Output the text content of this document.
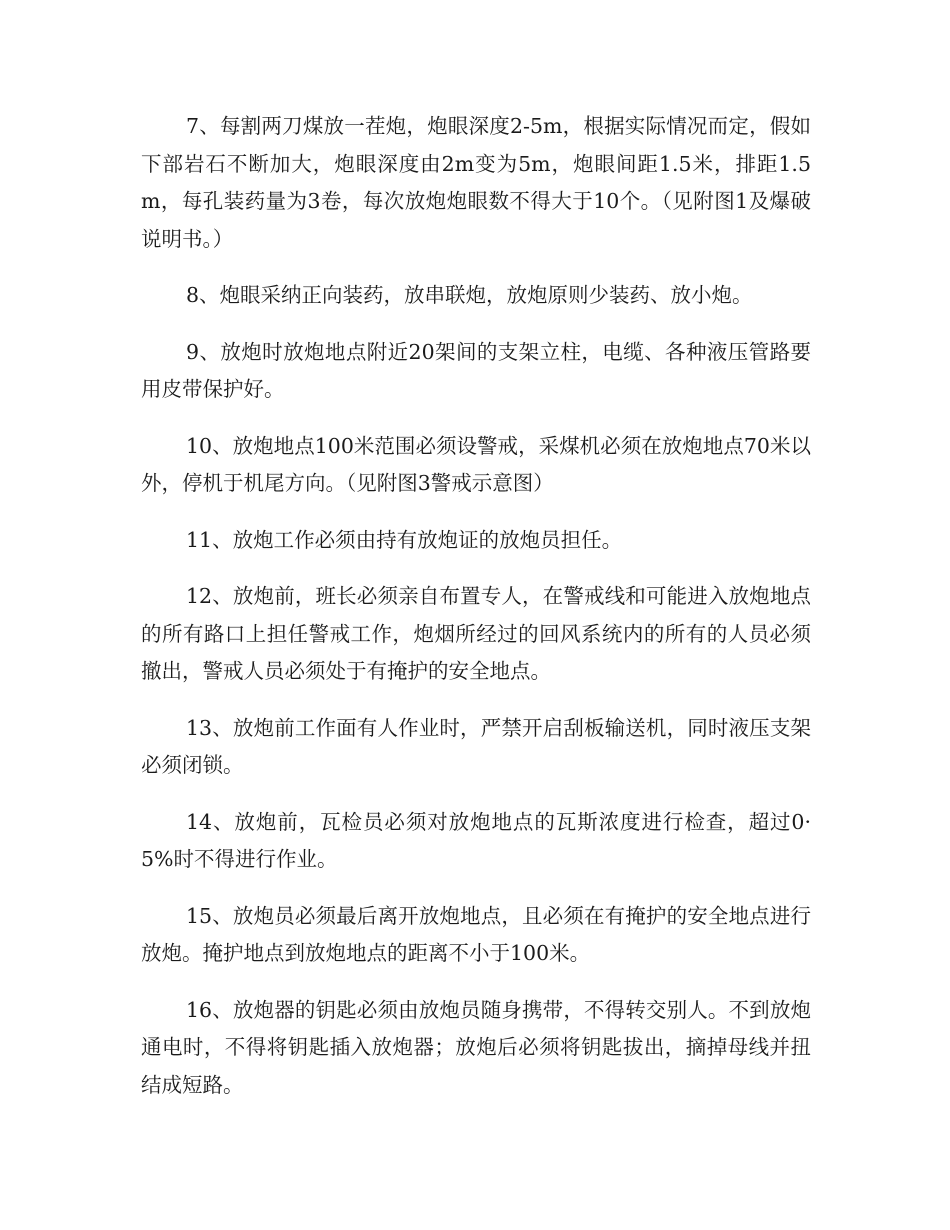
7、每割两刀煤放一茬炮，炮眼深度2-5m，根据实际情况而定，假如下部岩石不断加大，炮眼深度由2m变为5m，炮眼间距1.5米，排距1.5m，每孔装药量为3卷，每次放炮炮眼数不得大于10个。（见附图1及爆破说明书。）

8、炮眼采纳正向装药，放串联炮，放炮原则少装药、放小炮。

9、放炮时放炮地点附近20架间的支架立柱，电缆、各种液压管路要用皮带保护好。

10、放炮地点100米范围必须设警戒，采煤机必须在放炮地点70米以外，停机于机尾方向。（见附图3警戒示意图）

11、放炮工作必须由持有放炮证的放炮员担任。

12、放炮前，班长必须亲自布置专人，在警戒线和可能进入放炮地点的所有路口上担任警戒工作，炮烟所经过的回风系统内的所有的人员必须撤出，警戒人员必须处于有掩护的安全地点。

13、放炮前工作面有人作业时，严禁开启刮板输送机，同时液压支架必须闭锁。

14、放炮前，瓦检员必须对放炮地点的瓦斯浓度进行检查，超过0·5%时不得进行作业。

15、放炮员必须最后离开放炮地点，且必须在有掩护的安全地点进行放炮。掩护地点到放炮地点的距离不小于100米。

16、放炮器的钥匙必须由放炮员随身携带，不得转交别人。不到放炮通电时，不得将钥匙插入放炮器；放炮后必须将钥匙拔出，摘掉母线并扭结成短路。
